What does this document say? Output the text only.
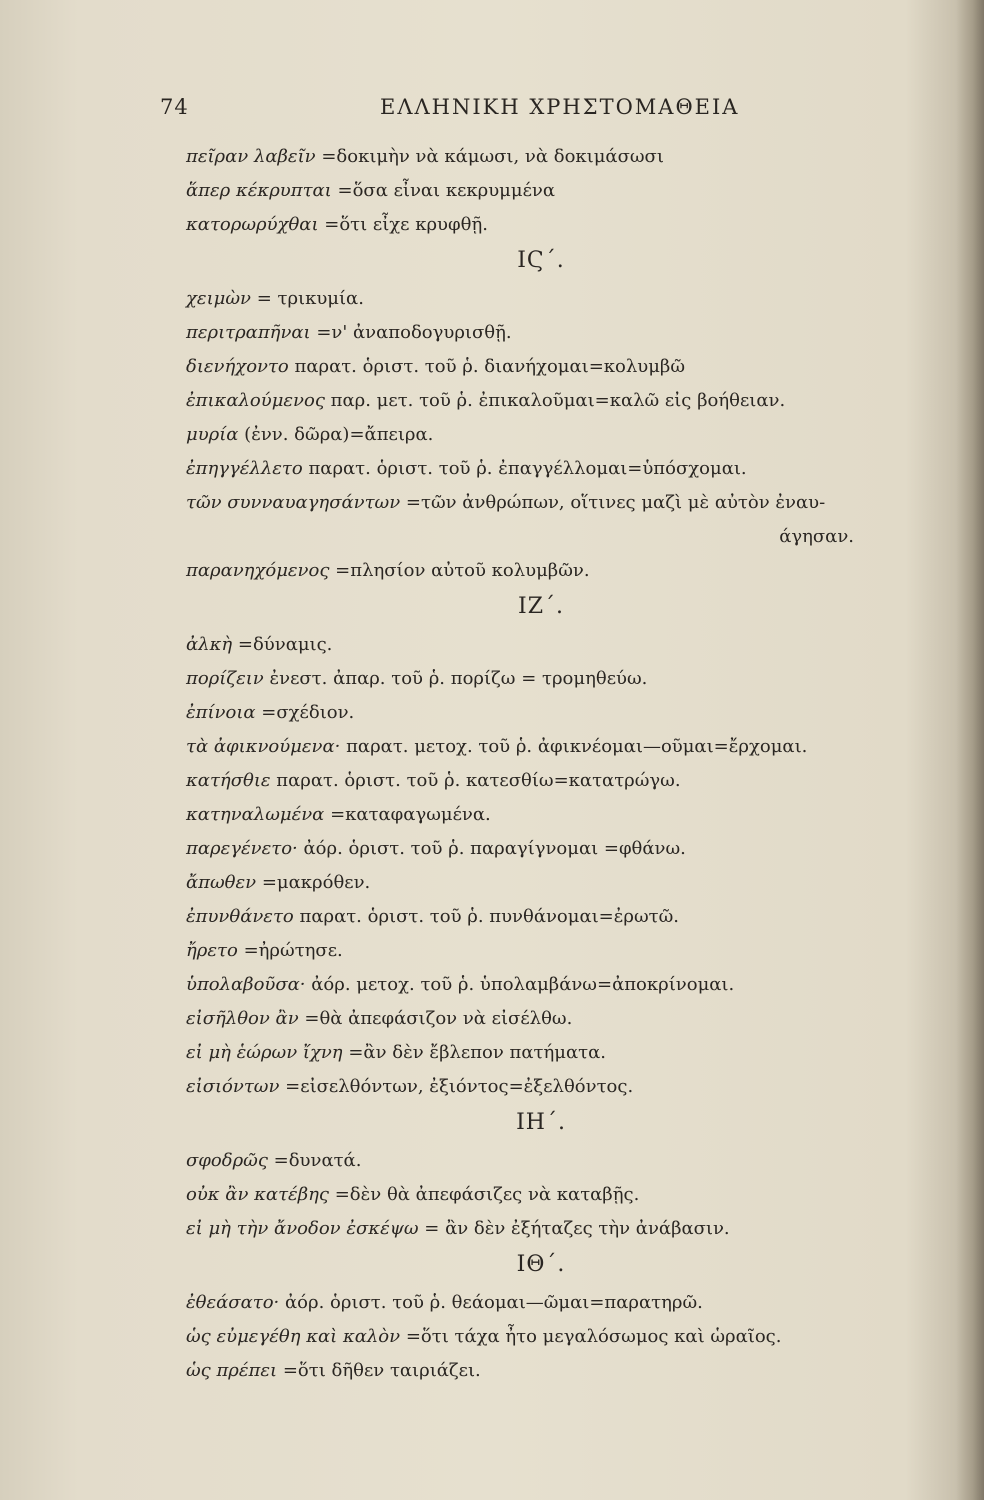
74	ΕΛΛΗΝΙΚΗ ΧΡΗΣΤΟΜΑΘΕΙΑ
πεῖραν λαβεῖν =δοκιμὴν νὰ κάμωσι, νὰ δοκιμάσωσι
ἅπερ κέκρυπται =ὅσα εἶναι κεκρυμμένα
κατορωρύχθαι =ὅτι εἶχε κρυφθῇ.
ΙϚ΄.
χειμὼν = τρικυμία.
περιτραπῆναι =ν' ἀναποδογυρισθῇ.
διενήχοντο παρατ. ὁριστ. τοῦ ῥ. διανήχομαι=κολυμβῶ
ἐπικαλούμενος παρ. μετ. τοῦ ῥ. ἐπικαλοῦμαι=καλῶ εἰς βοήθειαν.
μυρία (ἐνν. δῶρα)=ἄπειρα.
ἐπηγγέλλετο παρατ. ὁριστ. τοῦ ῥ. ἐπαγγέλλομαι=ὑπόσχομαι.
τῶν συνναυαγησάντων =τῶν ἀνθρώπων, οἵτινες μαζὶ μὲ αὐτὸν ἐναυ-
άγησαν.
παρανηχόμενος =πλησίον αὐτοῦ κολυμβῶν.
ΙΖ΄.
ἀλκὴ =δύναμις.
πορίζειν ἐνεστ. ἀπαρ. τοῦ ῥ. πορίζω = τρομηθεύω.
ἐπίνοια =σχέδιον.
τὰ ἀφικνούμενα· παρατ. μετοχ. τοῦ ῥ. ἀφικνέομαι—οῦμαι=ἔρχομαι.
κατήσθιε παρατ. ὁριστ. τοῦ ῥ. κατεσθίω=κατατρώγω.
κατηναλωμένα =καταφαγωμένα.
παρεγένετο· ἀόρ. ὁριστ. τοῦ ῥ. παραγίγνομαι =φθάνω.
ἄπωθεν =μακρόθεν.
ἐπυνθάνετο παρατ. ὁριστ. τοῦ ῥ. πυνθάνομαι=ἐρωτῶ.
ἤρετο =ἠρώτησε.
ὑπολαβοῦσα· ἀόρ. μετοχ. τοῦ ῥ. ὑπολαμβάνω=ἀποκρίνομαι.
εἰσῆλθον ἂν =θὰ ἀπεφάσιζον νὰ εἰσέλθω.
εἰ μὴ ἑώρων ἴχνη =ἂν δὲν ἔβλεπον πατήματα.
εἰσιόντων =εἰσελθόντων, ἐξιόντος=ἐξελθόντος.
ΙΗ΄.
σφοδρῶς =δυνατά.
οὐκ ἂν κατέβης =δὲν θὰ ἀπεφάσιζες νὰ καταβῇς.
εἰ μὴ τὴν ἄνοδον ἐσκέψω = ἂν δὲν ἐξήταζες τὴν ἀνάβασιν.
ΙΘ΄.
ἐθεάσατο· ἀόρ. ὁριστ. τοῦ ῥ. θεάομαι—ῶμαι=παρατηρῶ.
ὡς εὐμεγέθη καὶ καλὸν =ὅτι τάχα ἦτο μεγαλόσωμος καὶ ὡραῖος.
ὡς πρέπει =ὅτι δῆθεν ταιριάζει.
